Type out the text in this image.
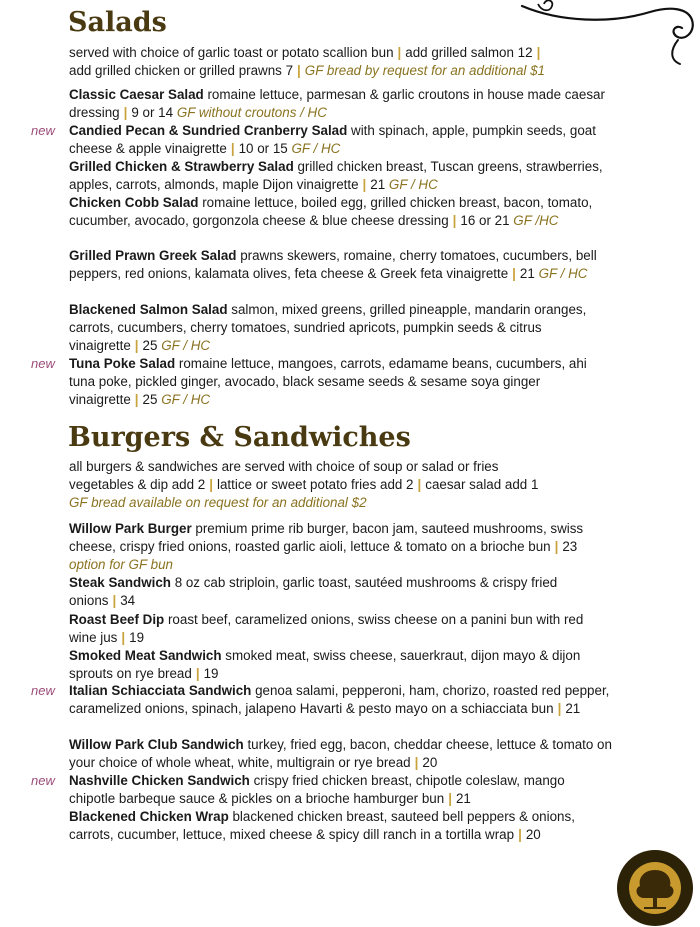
Salads
served with choice of garlic toast or potato scallion bun | add grilled salmon 12 |
add grilled chicken or grilled prawns 7 | GF bread by request for an additional $1
Classic Caesar Salad romaine lettuce, parmesan & garlic croutons in house made caesar dressing | 9 or 14 GF without croutons / HC
new Candied Pecan & Sundried Cranberry Salad with spinach, apple, pumpkin seeds, goat cheese & apple vinaigrette | 10 or 15 GF / HC
Grilled Chicken & Strawberry Salad grilled chicken breast, Tuscan greens, strawberries, apples, carrots, almonds, maple Dijon vinaigrette | 21 GF / HC
Chicken Cobb Salad romaine lettuce, boiled egg, grilled chicken breast, bacon, tomato, cucumber, avocado, gorgonzola cheese & blue cheese dressing | 16 or 21 GF /HC
Grilled Prawn Greek Salad prawns skewers, romaine, cherry tomatoes, cucumbers, bell peppers, red onions, kalamata olives, feta cheese & Greek feta vinaigrette | 21 GF / HC
Blackened Salmon Salad salmon, mixed greens, grilled pineapple, mandarin oranges, carrots, cucumbers, cherry tomatoes, sundried apricots, pumpkin seeds & citrus vinaigrette | 25 GF / HC
new Tuna Poke Salad romaine lettuce, mangoes, carrots, edamame beans, cucumbers, ahi tuna poke, pickled ginger, avocado, black sesame seeds & sesame soya ginger vinaigrette | 25 GF / HC
Burgers & Sandwiches
all burgers & sandwiches are served with choice of soup or salad or fries
vegetables & dip add 2 | lattice or sweet potato fries add 2 | caesar salad add 1
GF bread available on request for an additional $2
Willow Park Burger premium prime rib burger, bacon jam, sauteed mushrooms, swiss cheese, crispy fried onions, roasted garlic aioli, lettuce & tomato on a brioche bun | 23 option for GF bun
Steak Sandwich 8 oz cab striploin, garlic toast, sautéed mushrooms & crispy fried onions | 34
Roast Beef Dip roast beef, caramelized onions, swiss cheese on a panini bun with red wine jus | 19
Smoked Meat Sandwich smoked meat, swiss cheese, sauerkraut, dijon mayo & dijon sprouts on rye bread | 19
new Italian Schiacciata Sandwich genoa salami, pepperoni, ham, chorizo, roasted red pepper, caramelized onions, spinach, jalapeno Havarti & pesto mayo on a schiacciata bun | 21
Willow Park Club Sandwich turkey, fried egg, bacon, cheddar cheese, lettuce & tomato on your choice of whole wheat, white, multigrain or rye bread | 20
new Nashville Chicken Sandwich crispy fried chicken breast, chipotle coleslaw, mango chipotle barbeque sauce & pickles on a brioche hamburger bun | 21
Blackened Chicken Wrap blackened chicken breast, sauteed bell peppers & onions, carrots, cucumber, lettuce, mixed cheese & spicy dill ranch in a tortilla wrap | 20
